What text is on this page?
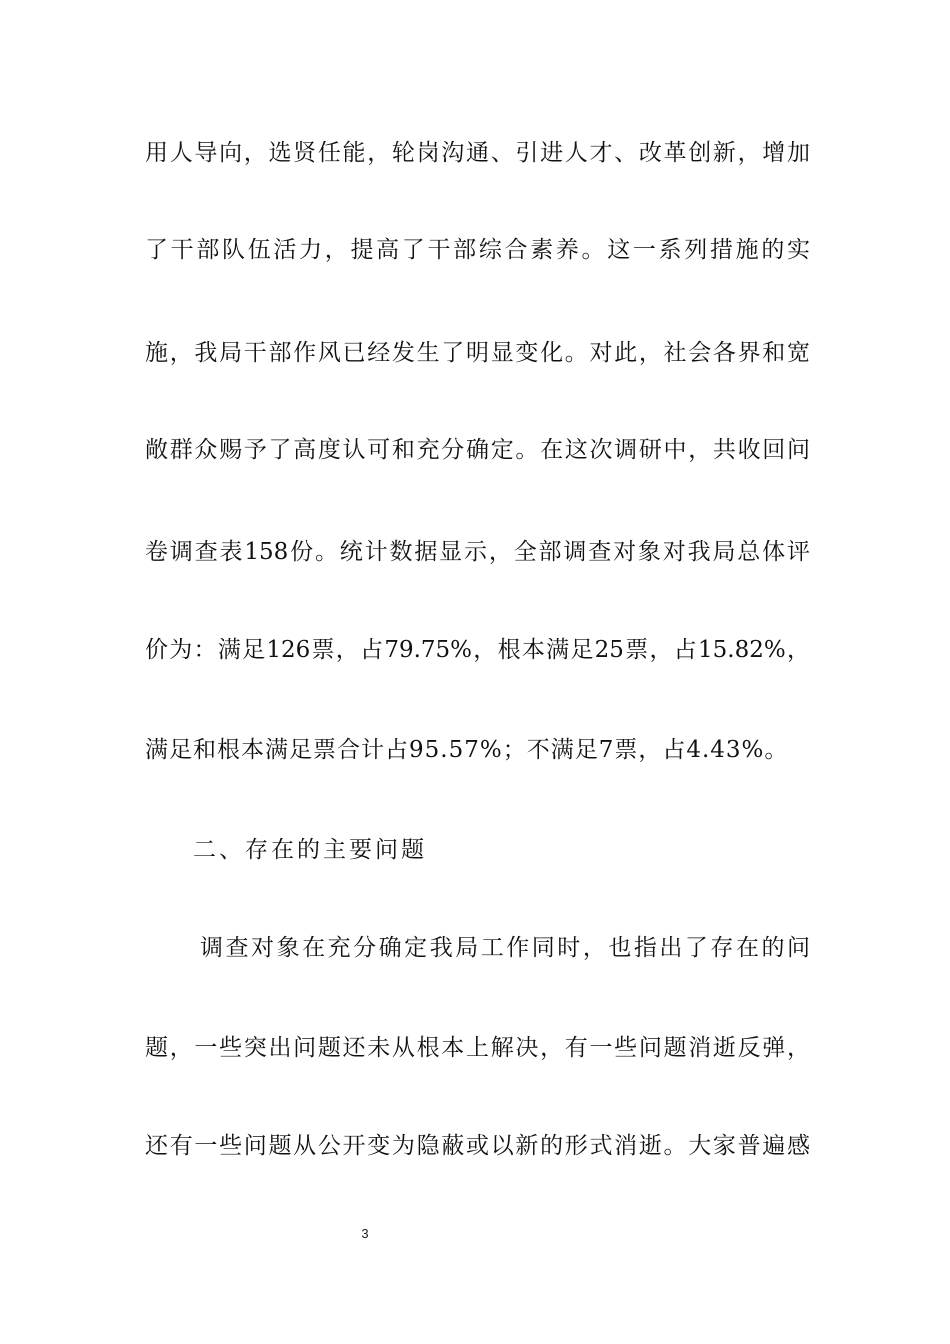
用人导向，选贤任能，轮岗沟通、引进人才、改革创新，增加
了干部队伍活力，提高了干部综合素养。这一系列措施的实
施，我局干部作风已经发生了明显变化。对此，社会各界和宽
敞群众赐予了高度认可和充分确定。在这次调研中，共收回问
卷调查表158份。统计数据显示，全部调查对象对我局总体评
价为：满足126票，占79.75%，根本满足25票，占15.82%，
满足和根本满足票合计占95.57%；不满足7票，占4.43%。
二、存在的主要问题
调查对象在充分确定我局工作同时，也指出了存在的问
题，一些突出问题还未从根本上解决，有一些问题消逝反弹，
还有一些问题从公开变为隐蔽或以新的形式消逝。大家普遍感
3
